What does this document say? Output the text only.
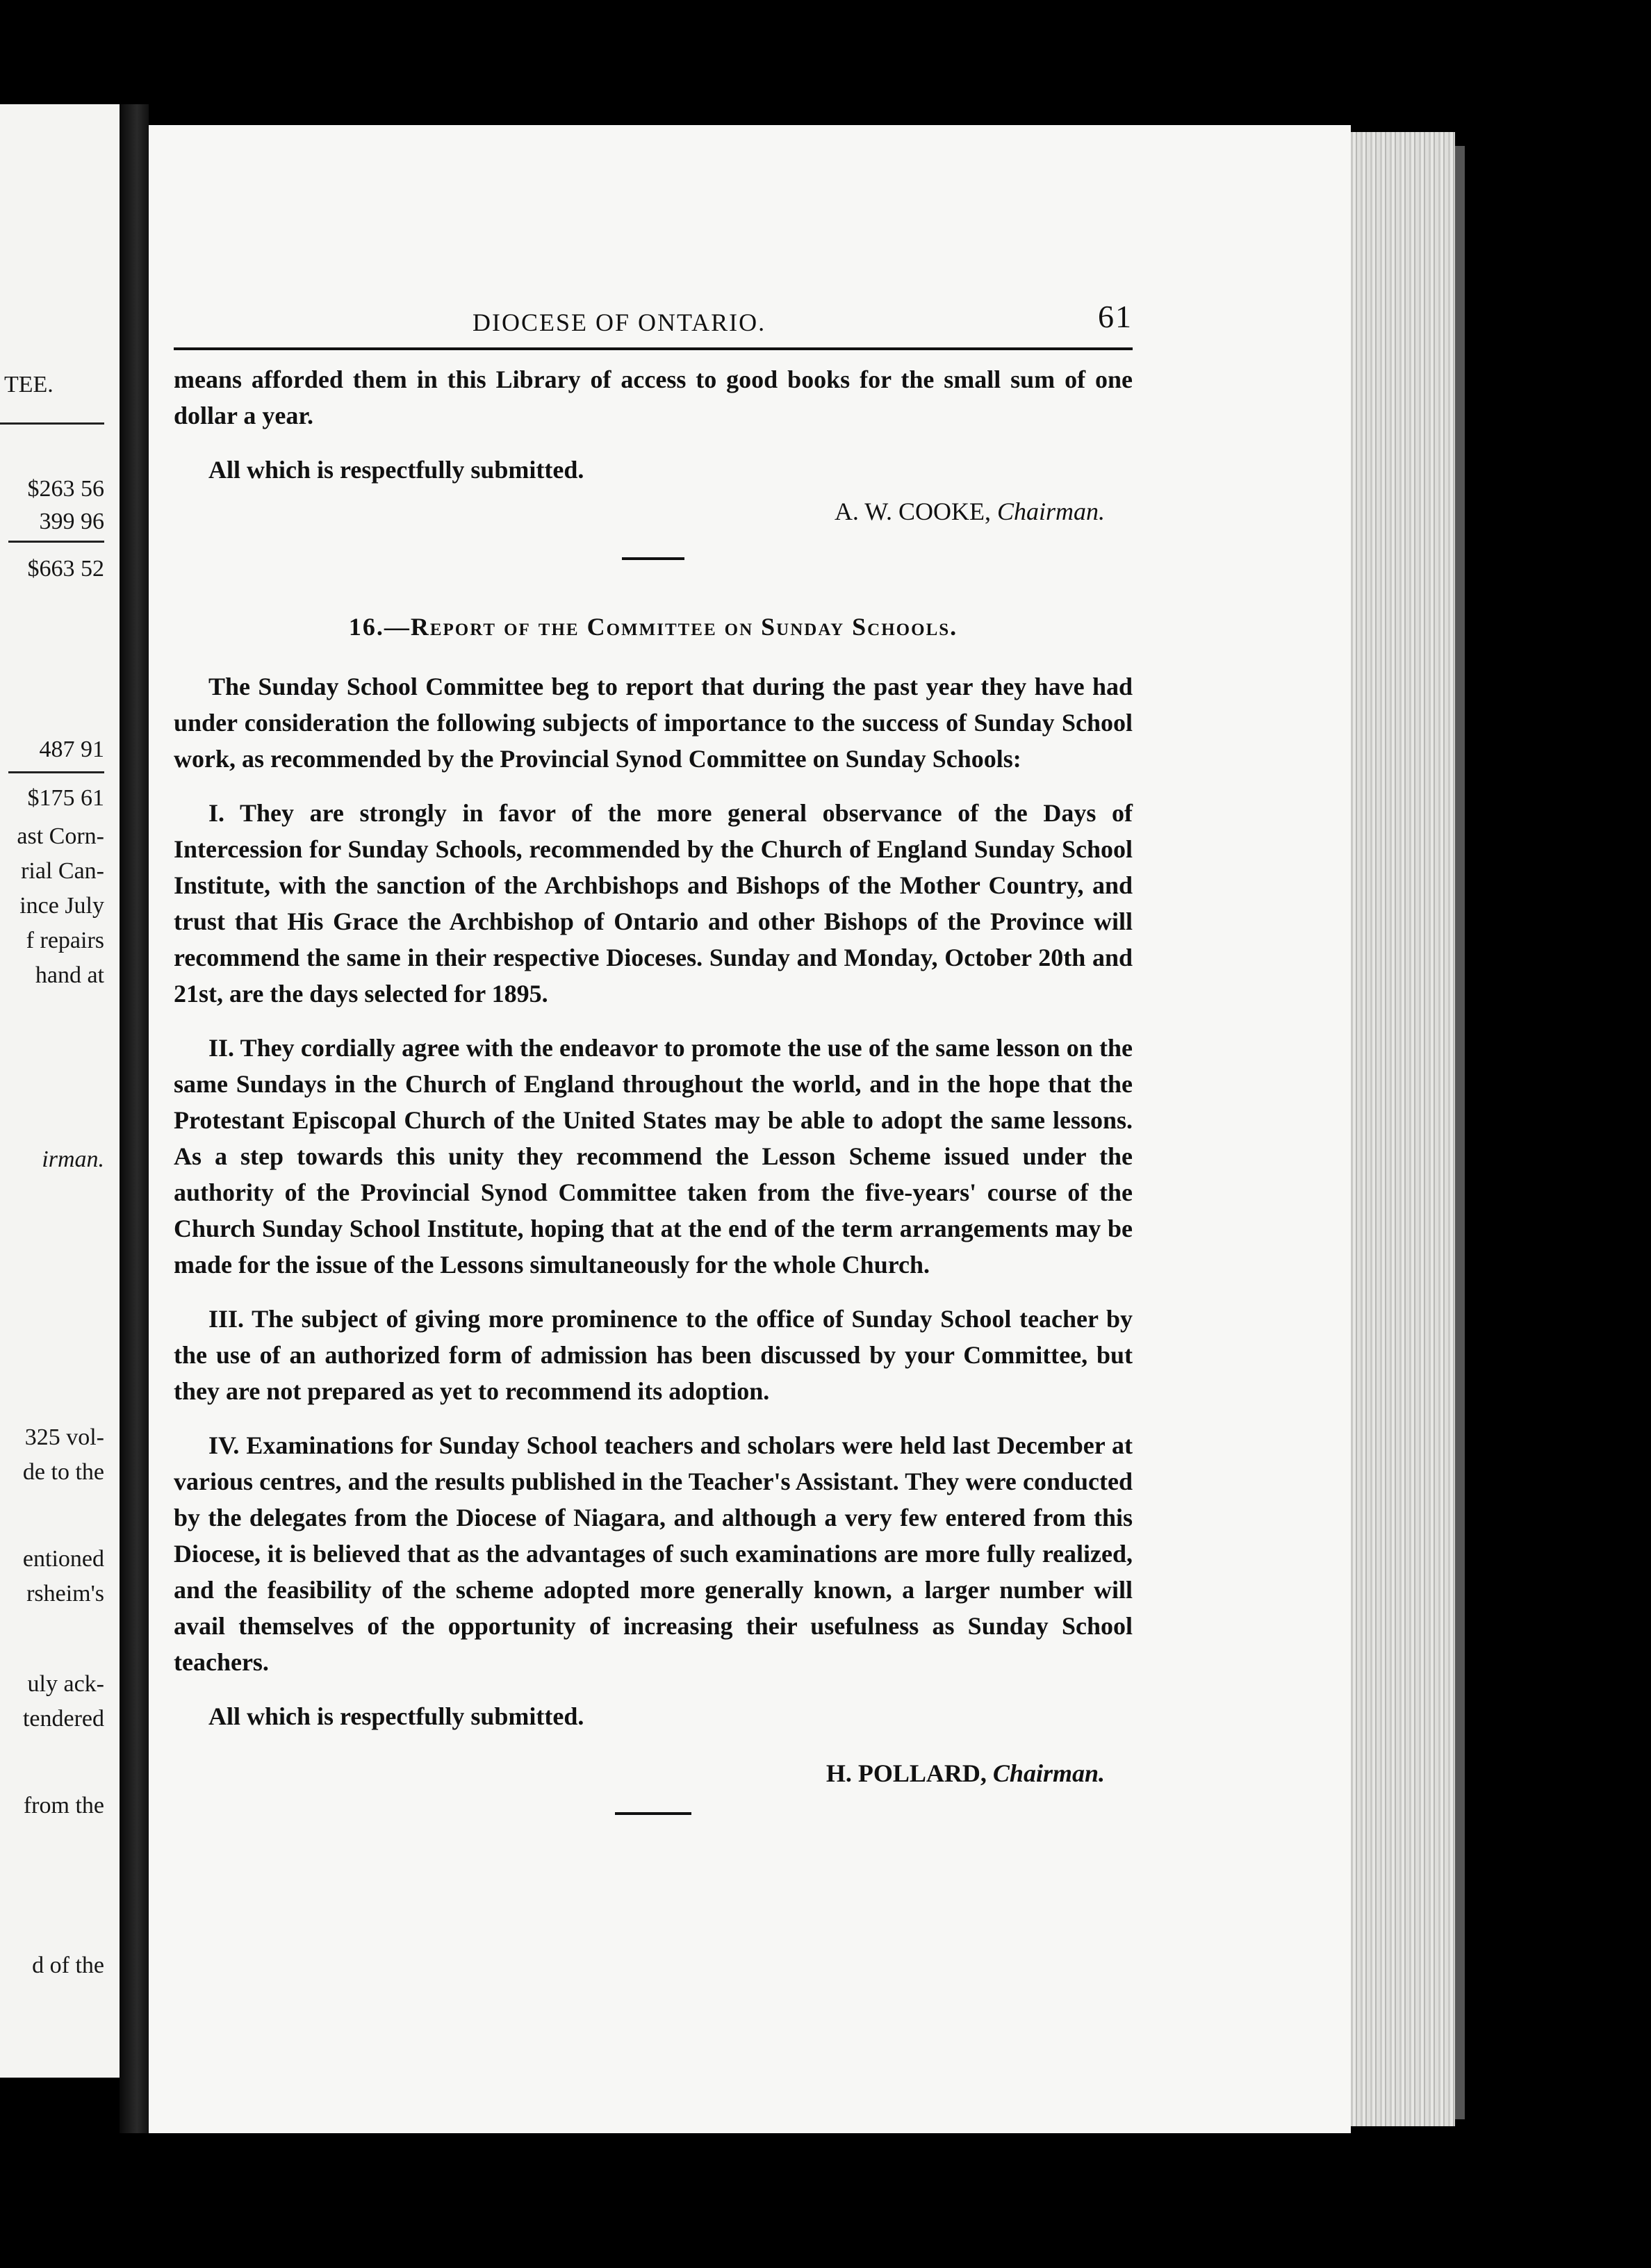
TEE.
$263 56
399 96
$663 52
487 91
$175 61
ast Corn-
rial Can-
ince July
f repairs
hand at
irman.
325 vol-
de to the
entioned
rsheim's
uly ack-
tendered
from the
d of the
DIOCESE OF ONTARIO.	61

means afforded them in this Library of access to good books for the small sum of one dollar a year.

All which is respectfully submitted.

A. W. COOKE, Chairman.
16.—Report of the Committee on Sunday Schools.

The Sunday School Committee beg to report that during the past year they have had under consideration the following subjects of importance to the success of Sunday School work, as recommended by the Provincial Synod Committee on Sunday Schools:

I. They are strongly in favor of the more general observance of the Days of Intercession for Sunday Schools, recommended by the Church of England Sunday School Institute, with the sanction of the Archbishops and Bishops of the Mother Country, and trust that His Grace the Archbishop of Ontario and other Bishops of the Province will recommend the same in their respective Dioceses. Sunday and Monday, October 20th and 21st, are the days selected for 1895.

II. They cordially agree with the endeavor to promote the use of the same lesson on the same Sundays in the Church of England throughout the world, and in the hope that the Protestant Episcopal Church of the United States may be able to adopt the same lessons. As a step towards this unity they recommend the Lesson Scheme issued under the authority of the Provincial Synod Committee taken from the five-years' course of the Church Sunday School Institute, hoping that at the end of the term arrangements may be made for the issue of the Lessons simultaneously for the whole Church.

III. The subject of giving more prominence to the office of Sunday School teacher by the use of an authorized form of admission has been discussed by your Committee, but they are not prepared as yet to recommend its adoption.

IV. Examinations for Sunday School teachers and scholars were held last December at various centres, and the results published in the Teacher's Assistant. They were conducted by the delegates from the Diocese of Niagara, and although a very few entered from this Diocese, it is believed that as the advantages of such examinations are more fully realized, and the feasibility of the scheme adopted more generally known, a larger number will avail themselves of the opportunity of increasing their usefulness as Sunday School teachers.

All which is respectfully submitted.

H. POLLARD, Chairman.
